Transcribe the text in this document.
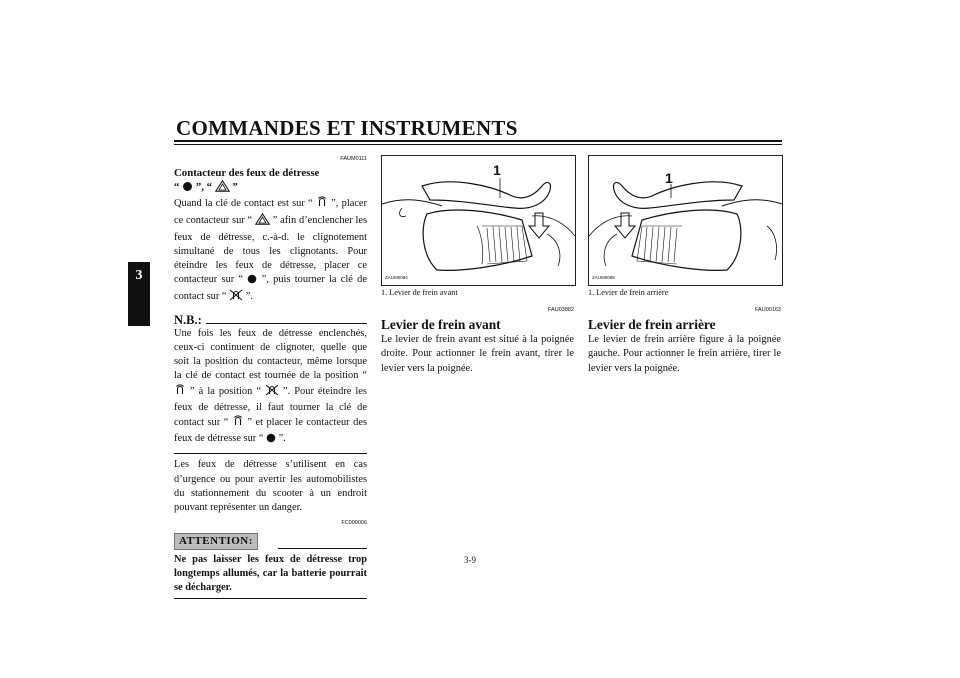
COMMANDES ET INSTRUMENTS
3
FAUM0111
Contacteur des feux de détresse
“ ”, “ ”

Quand la clé de contact est sur “ ”, placer ce contacteur sur “ ” afin d’enclencher les feux de détresse, c.-à-d. le clignotement simultané de tous les clignotants. Pour éteindre les feux de détresse, placer ce contacteur sur “ ”, puis tourner la clé de contact sur “ ”.

N.B.:

Une fois les feux de détresse enclenchés, ceux-ci continuent de clignoter, quelle que soit la position du contacteur, même lorsque la clé de contact est tournée de la position “  ” à la position “ ”. Pour éteindre les feux de détresse, il faut tourner la clé de contact sur “ ” et placer le contacteur des feux de détresse sur “ ”.

Les feux de détresse s’utilisent en cas d’urgence ou pour avertir les automobilistes du stationnement du scooter à un endroit pouvant représenter un danger.

FC000006
ATTENTION:

Ne pas laisser les feux de détresse trop longtemps allumés, car la batterie pourrait se décharger.

1
ZAUM0084
1. Levier de frein avant
FAU03882
Levier de frein avant

Le levier de frein avant est situé à la poignée droite. Pour actionner le frein avant, tirer le levier vers la poignée.

1
ZAUM0085
1. Levier de frein arrière
FAU00163
Levier de frein arrière

Le levier de frein arrière figure à la poignée gauche. Pour actionner le frein arrière, tirer le levier vers la poignée.

3-9
